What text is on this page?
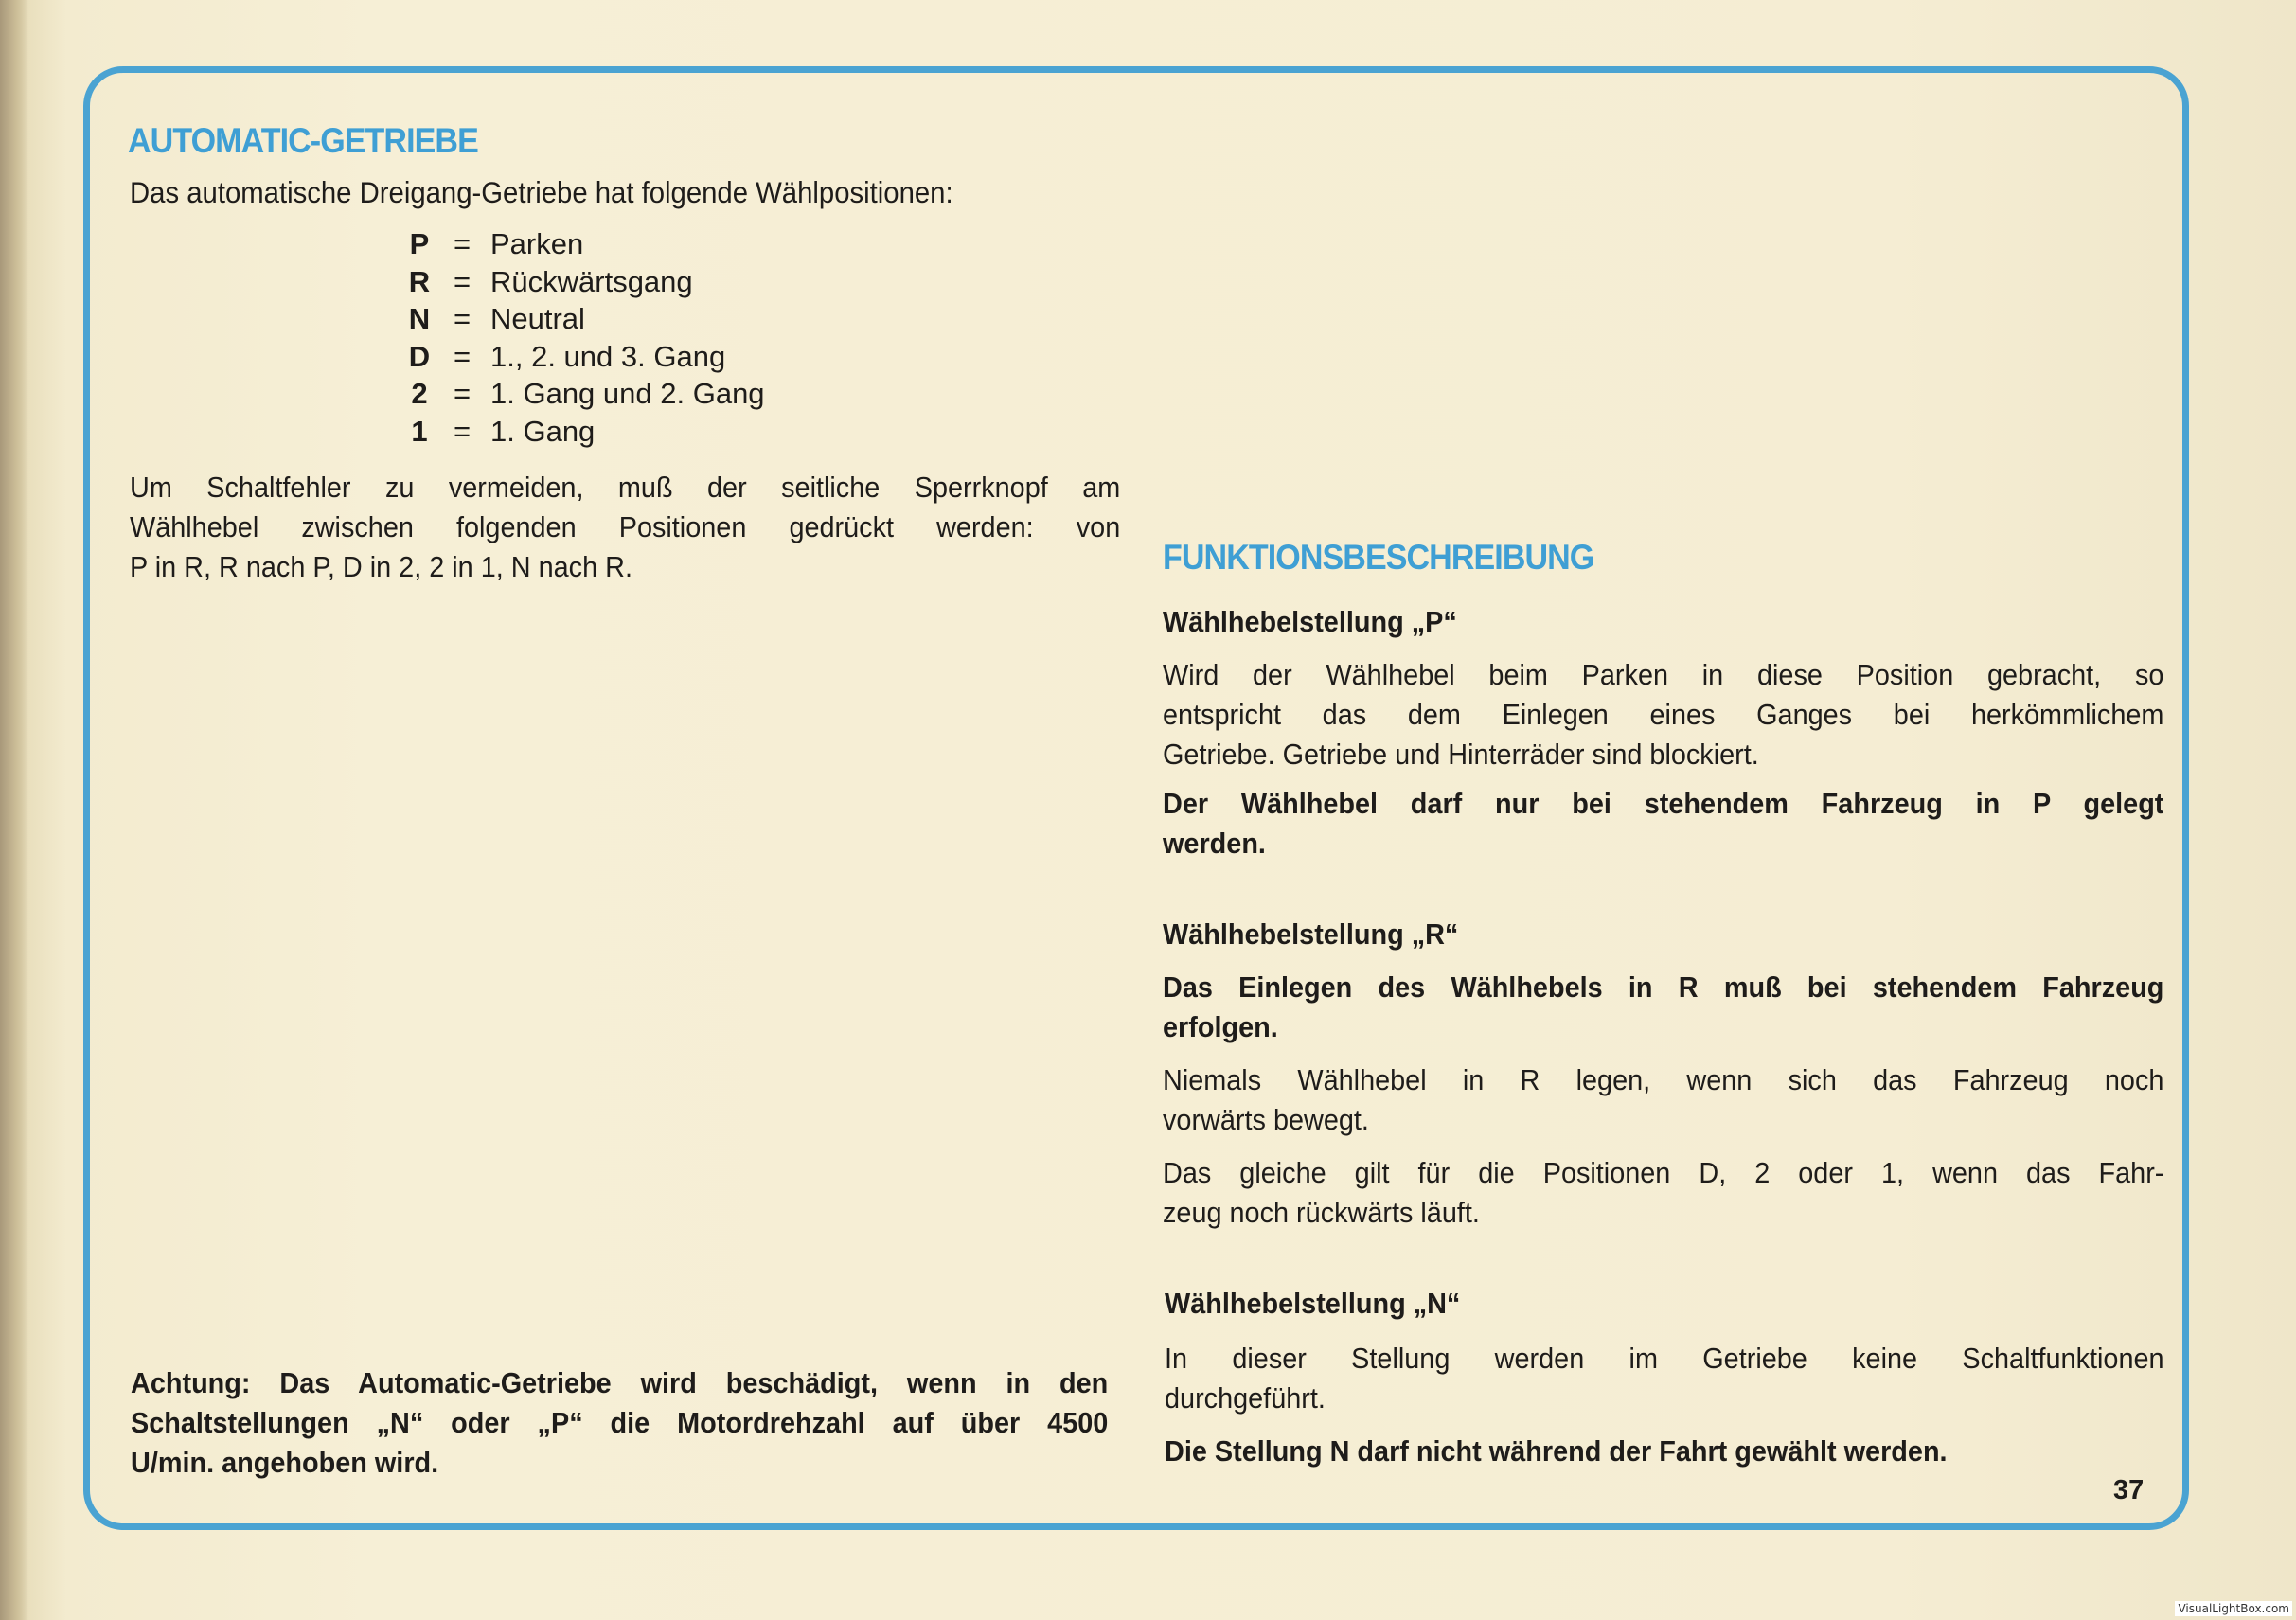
AUTOMATIC-GETRIEBE
Das automatische Dreigang-Getriebe hat folgende Wählpositionen:
P = Parken
R = Rückwärtsgang
N = Neutral
D = 1., 2. und 3. Gang
2 = 1. Gang und 2. Gang
1 = 1. Gang
Um Schaltfehler zu vermeiden, muß der seitliche Sperrknopf am
Wählhebel zwischen folgenden Positionen gedrückt werden: von
P in R, R nach P, D in 2, 2 in 1, N nach R.
Achtung: Das Automatic-Getriebe wird beschädigt, wenn in den
Schaltstellungen „N“ oder „P“ die Motordrehzahl auf über 4500
U/min. angehoben wird.
FUNKTIONSBESCHREIBUNG
Wählhebelstellung „P“
Wird der Wählhebel beim Parken in diese Position gebracht, so
entspricht das dem Einlegen eines Ganges bei herkömmlichem
Getriebe. Getriebe und Hinterräder sind blockiert.
Der Wählhebel darf nur bei stehendem Fahrzeug in P gelegt
werden.
Wählhebelstellung „R“
Das Einlegen des Wählhebels in R muß bei stehendem Fahrzeug
erfolgen.
Niemals Wählhebel in R legen, wenn sich das Fahrzeug noch
vorwärts bewegt.
Das gleiche gilt für die Positionen D, 2 oder 1, wenn das Fahr-
zeug noch rückwärts läuft.
Wählhebelstellung „N“
In dieser Stellung werden im Getriebe keine Schaltfunktionen
durchgeführt.
Die Stellung N darf nicht während der Fahrt gewählt werden.
37
VisualLightBox.com
